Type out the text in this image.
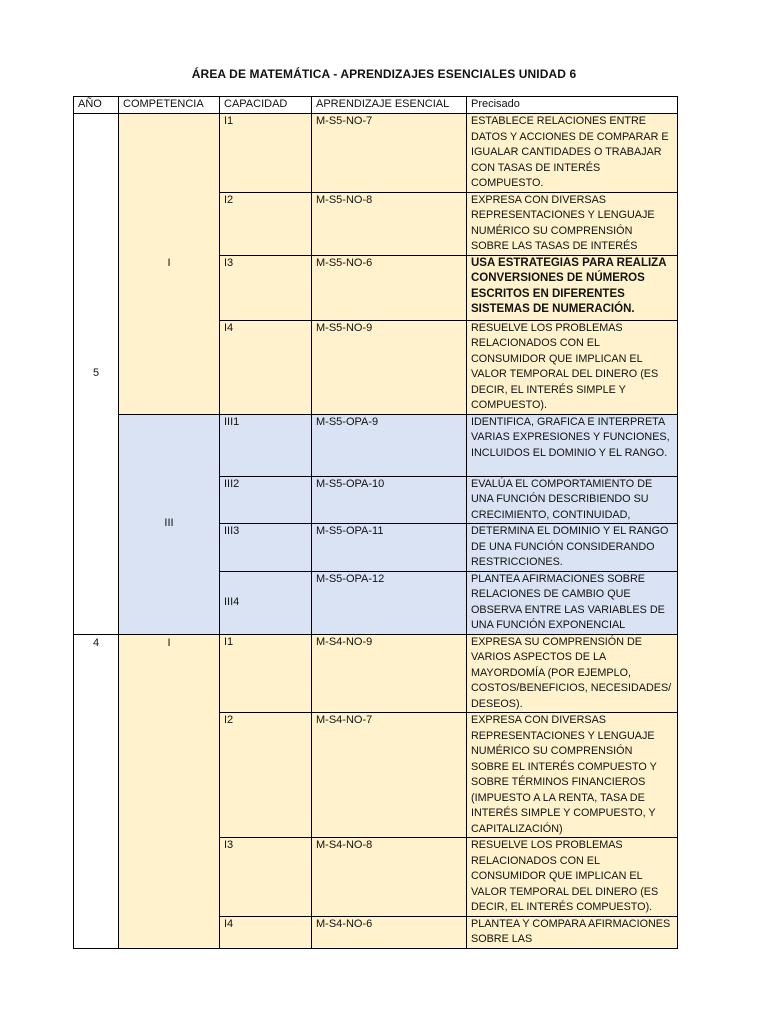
ÁREA DE MATEMÁTICA - APRENDIZAJES ESENCIALES UNIDAD 6
AÑO	COMPETENCIA	CAPACIDAD	APRENDIZAJE ESENCIAL	Precisado
5	I	I1	M-S5-NO-7	ESTABLECE RELACIONES ENTRE DATOS Y ACCIONES DE COMPARAR E IGUALAR CANTIDADES O TRABAJAR CON TASAS DE INTERÉS COMPUESTO.
		I2	M-S5-NO-8	EXPRESA CON DIVERSAS REPRESENTACIONES Y LENGUAJE NUMÉRICO SU COMPRENSIÓN SOBRE LAS TASAS DE INTERÉS
		I3	M-S5-NO-6	USA ESTRATEGIAS PARA REALIZA CONVERSIONES DE NÚMEROS ESCRITOS EN DIFERENTES SISTEMAS DE NUMERACIÓN.
		I4	M-S5-NO-9	RESUELVE LOS PROBLEMAS RELACIONADOS CON EL CONSUMIDOR QUE IMPLICAN EL VALOR TEMPORAL DEL DINERO (ES DECIR, EL INTERÉS SIMPLE Y COMPUESTO).
	III	III1	M-S5-OPA-9	IDENTIFICA, GRAFICA E INTERPRETA VARIAS EXPRESIONES Y FUNCIONES, INCLUIDOS EL DOMINIO Y EL RANGO.
		III2	M-S5-OPA-10	EVALÚA EL COMPORTAMIENTO DE UNA FUNCIÓN DESCRIBIENDO SU CRECIMIENTO, CONTINUIDAD,
		III3	M-S5-OPA-11	DETERMINA EL DOMINIO Y EL RANGO DE UNA FUNCIÓN CONSIDERANDO RESTRICCIONES.
		III4	M-S5-OPA-12	PLANTEA AFIRMACIONES SOBRE RELACIONES DE CAMBIO QUE OBSERVA ENTRE LAS VARIABLES DE UNA FUNCIÓN EXPONENCIAL
4	I	I1	M-S4-NO-9	EXPRESA SU COMPRENSIÓN DE VARIOS ASPECTOS DE LA MAYORDOMÍA (POR EJEMPLO, COSTOS/BENEFICIOS, NECESIDADES/ DESEOS).
		I2	M-S4-NO-7	EXPRESA CON DIVERSAS REPRESENTACIONES Y LENGUAJE NUMÉRICO SU COMPRENSIÓN SOBRE EL INTERÉS COMPUESTO Y SOBRE TÉRMINOS FINANCIEROS (IMPUESTO A LA RENTA, TASA DE INTERÉS SIMPLE Y COMPUESTO, Y CAPITALIZACIÓN)
		I3	M-S4-NO-8	RESUELVE LOS PROBLEMAS RELACIONADOS CON EL CONSUMIDOR QUE IMPLICAN EL VALOR TEMPORAL DEL DINERO (ES DECIR, EL INTERÉS COMPUESTO).
		I4	M-S4-NO-6	PLANTEA Y COMPARA AFIRMACIONES SOBRE LAS
